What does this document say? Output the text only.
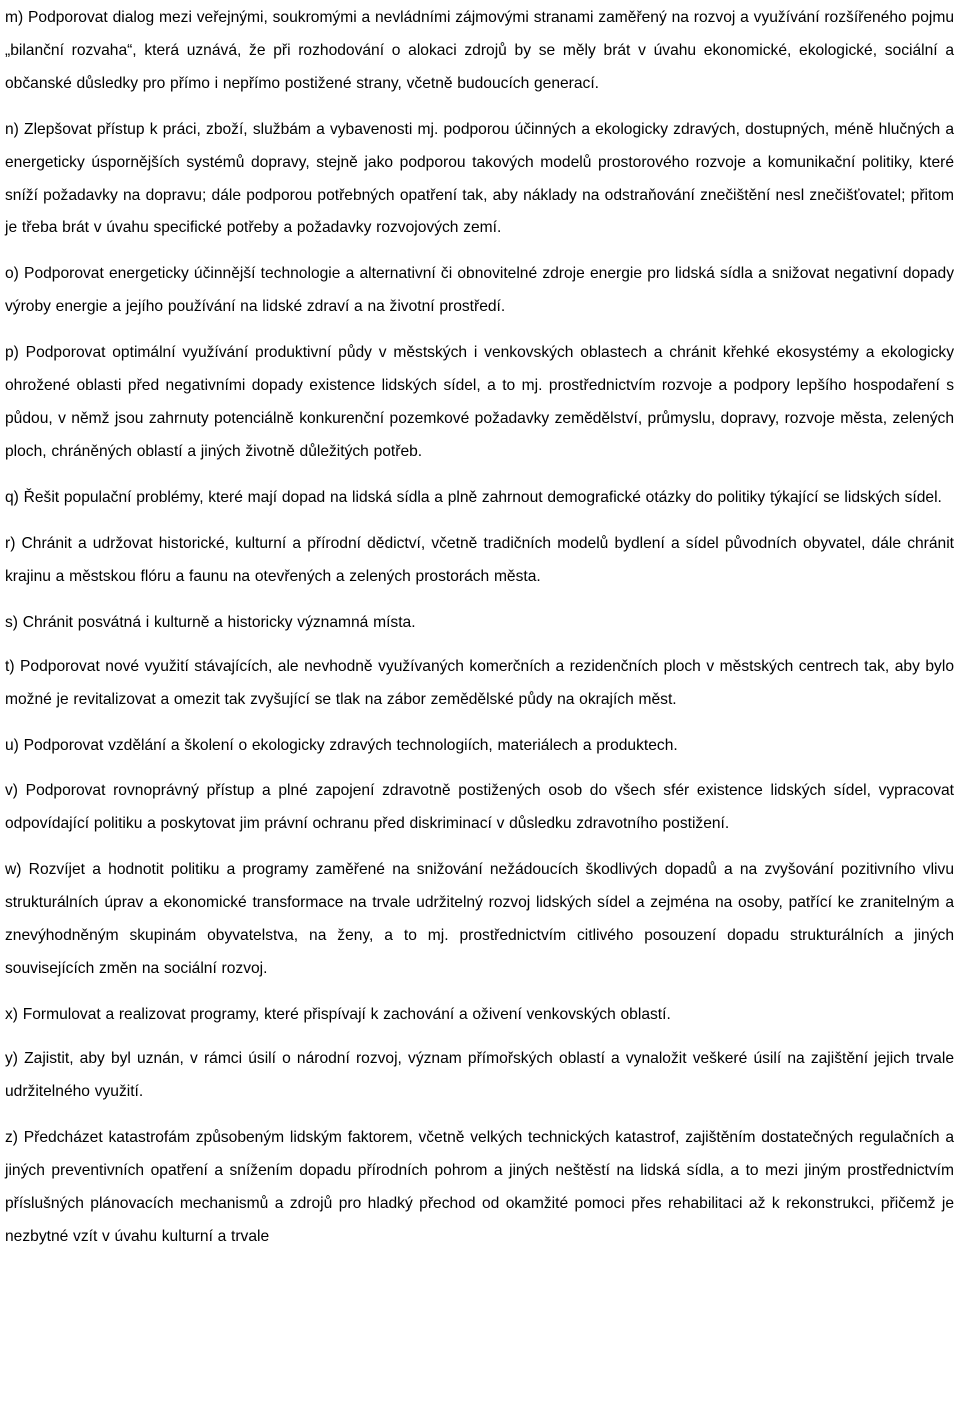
m) Podporovat dialog mezi veřejnými, soukromými a nevládními zájmovými stranami zaměřený na rozvoj a využívání rozšířeného pojmu „bilanční rozvaha“, která uznává, že při rozhodování o alokaci zdrojů by se měly brát v úvahu ekonomické, ekologické, sociální a občanské důsledky pro přímo i nepřímo postižené strany, včetně budoucích generací.

n) Zlepšovat přístup k práci, zboží, službám a vybavenosti mj. podporou účinných a ekologicky zdravých, dostupných, méně hlučných a energeticky úspornějších systémů dopravy, stejně jako podporou takových modelů prostorového rozvoje a komunikační politiky, které sníží požadavky na dopravu; dále podporou potřebných opatření tak, aby náklady na odstraňování znečištění nesl znečišťovatel; přitom je třeba brát v úvahu specifické potřeby a požadavky rozvojových zemí.

o) Podporovat energeticky účinnější technologie a alternativní či obnovitelné zdroje energie pro lidská sídla a snižovat negativní dopady výroby energie a jejího používání na lidské zdraví a na životní prostředí.

p) Podporovat optimální využívání produktivní půdy v městských i venkovských oblastech a chránit křehké ekosystémy a ekologicky ohrožené oblasti před negativními dopady existence lidských sídel, a to mj. prostřednictvím rozvoje a podpory lepšího hospodaření s půdou, v němž jsou zahrnuty potenciálně konkurenční pozemkové požadavky zemědělství, průmyslu, dopravy, rozvoje města, zelených ploch, chráněných oblastí a jiných životně důležitých potřeb.

q) Řešit populační problémy, které mají dopad na lidská sídla a plně zahrnout demografické otázky do politiky týkající se lidských sídel.

r) Chránit a udržovat historické, kulturní a přírodní dědictví, včetně tradičních modelů bydlení a sídel původních obyvatel, dále chránit krajinu a městskou flóru a faunu na otevřených a zelených prostorách města.

s) Chránit posvátná i kulturně a historicky významná místa.

t) Podporovat nové využití stávajících, ale nevhodně využívaných komerčních a rezidenčních ploch v městských centrech tak, aby bylo možné je revitalizovat a omezit tak zvyšující se tlak na zábor zemědělské půdy na okrajích měst.

u) Podporovat vzdělání a školení o ekologicky zdravých technologiích, materiálech a produktech.

v) Podporovat rovnoprávný přístup a plné zapojení zdravotně postižených osob do všech sfér existence lidských sídel, vypracovat odpovídající politiku a poskytovat jim právní ochranu před diskriminací v důsledku zdravotního postižení.

w) Rozvíjet a hodnotit politiku a programy zaměřené na snižování nežádoucích škodlivých dopadů a na zvyšování pozitivního vlivu strukturálních úprav a ekonomické transformace na trvale udržitelný rozvoj lidských sídel a zejména na osoby, patřící ke zranitelným a znevýhodněným skupinám obyvatelstva, na ženy, a to mj. prostřednictvím citlivého posouzení dopadu strukturálních a jiných souvisejících změn na sociální rozvoj.

x) Formulovat a realizovat programy, které přispívají k zachování a oživení venkovských oblastí.

y) Zajistit, aby byl uznán, v rámci úsilí o národní rozvoj, význam přímořských oblastí a vynaložit veškeré úsilí na zajištění jejich trvale udržitelného využití.

z) Předcházet katastrofám způsobeným lidským faktorem, včetně velkých technických katastrof, zajištěním dostatečných regulačních a jiných preventivních opatření a snížením dopadu přírodních pohrom a jiných neštěstí na lidská sídla, a to mezi jiným prostřednictvím příslušných plánovacích mechanismů a zdrojů pro hladký přechod od okamžité pomoci přes rehabilitaci až k rekonstrukci, přičemž je nezbytné vzít v úvahu kulturní a trvale
